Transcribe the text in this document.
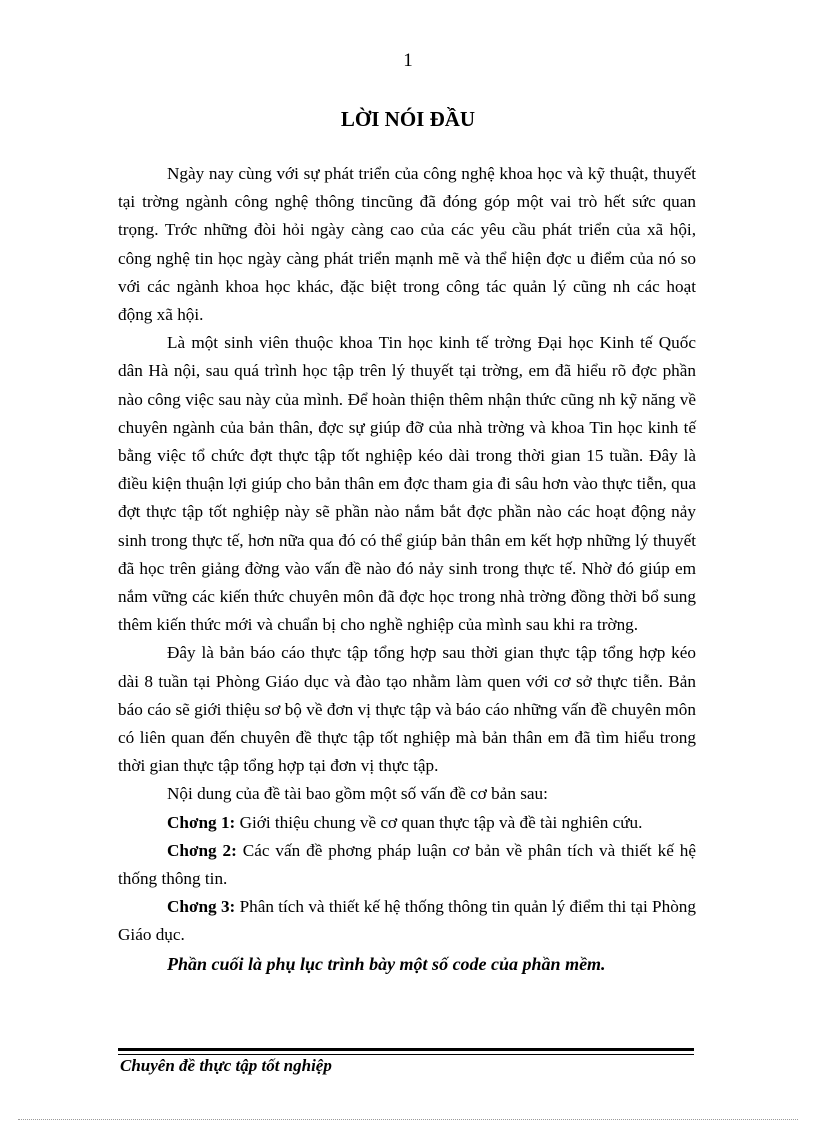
1
LỜI NÓI ĐẦU

Ngày nay cùng với sự phát triển của công nghệ khoa học và kỹ thuật, thuyết tại trờng ngành công nghệ thông tincũng đã đóng góp một vai trò hết sức quan trọng. Trớc những đòi hỏi ngày càng cao của các yêu cầu phát triển của xã hội, công nghệ tin học ngày càng phát triển mạnh mẽ và thể hiện đợc u điểm của nó so với các ngành khoa học khác, đặc biệt trong công tác quản lý cũng nh các hoạt động xã hội.

Là một sinh viên thuộc khoa Tin học kinh tế trờng Đại học Kinh tế Quốc dân Hà nội, sau quá trình học tập trên lý thuyết tại trờng, em đã hiểu rõ đợc phần nào công việc sau này của mình. Để hoàn thiện thêm nhận thức cũng nh kỹ năng về chuyên ngành của bản thân, đợc sự giúp đỡ của nhà trờng và khoa Tin học kinh tế bằng việc tổ chức đợt thực tập tốt nghiệp kéo dài trong thời gian 15 tuần. Đây là điều kiện thuận lợi giúp cho bản thân em đợc tham gia đi sâu hơn vào thực tiễn, qua đợt thực tập tốt nghiệp này sẽ phần nào nắm bắt đợc phần nào các hoạt động nảy sinh trong thực tế, hơn nữa qua đó có thể giúp bản thân em kết hợp những lý thuyết đã học trên giảng đờng vào vấn đề nào đó nảy sinh trong thực tế. Nhờ đó giúp em nắm vững các kiến thức chuyên môn đã đợc học trong nhà trờng đồng thời bổ sung thêm kiến thức mới và chuẩn bị cho nghề nghiệp của mình sau khi ra trờng.

Đây là bản báo cáo thực tập tổng hợp sau thời gian thực tập tổng hợp kéo dài 8 tuần tại Phòng Giáo dục và đào tạo nhằm làm quen với cơ sở thực tiễn. Bản báo cáo sẽ giới thiệu sơ bộ về đơn vị thực tập và báo cáo những vấn đề chuyên môn có liên quan đến chuyên đề thực tập tốt nghiệp mà bản thân em đã tìm hiểu trong thời gian thực tập tổng hợp tại đơn vị thực tập.

Nội dung của đề tài bao gồm một số vấn đề cơ bản sau:

Chơng 1: Giới thiệu chung về cơ quan thực tập và đề tài nghiên cứu.

Chơng 2: Các vấn đề phơng pháp luận cơ bản về phân tích và thiết kế hệ thống thông tin.

Chơng 3: Phân tích và thiết kế hệ thống thông tin quản lý điểm thi tại Phòng Giáo dục.

Phần cuối là phụ lục trình bày một số code của phần mềm.

Chuyên đề thực tập tốt nghiệp
